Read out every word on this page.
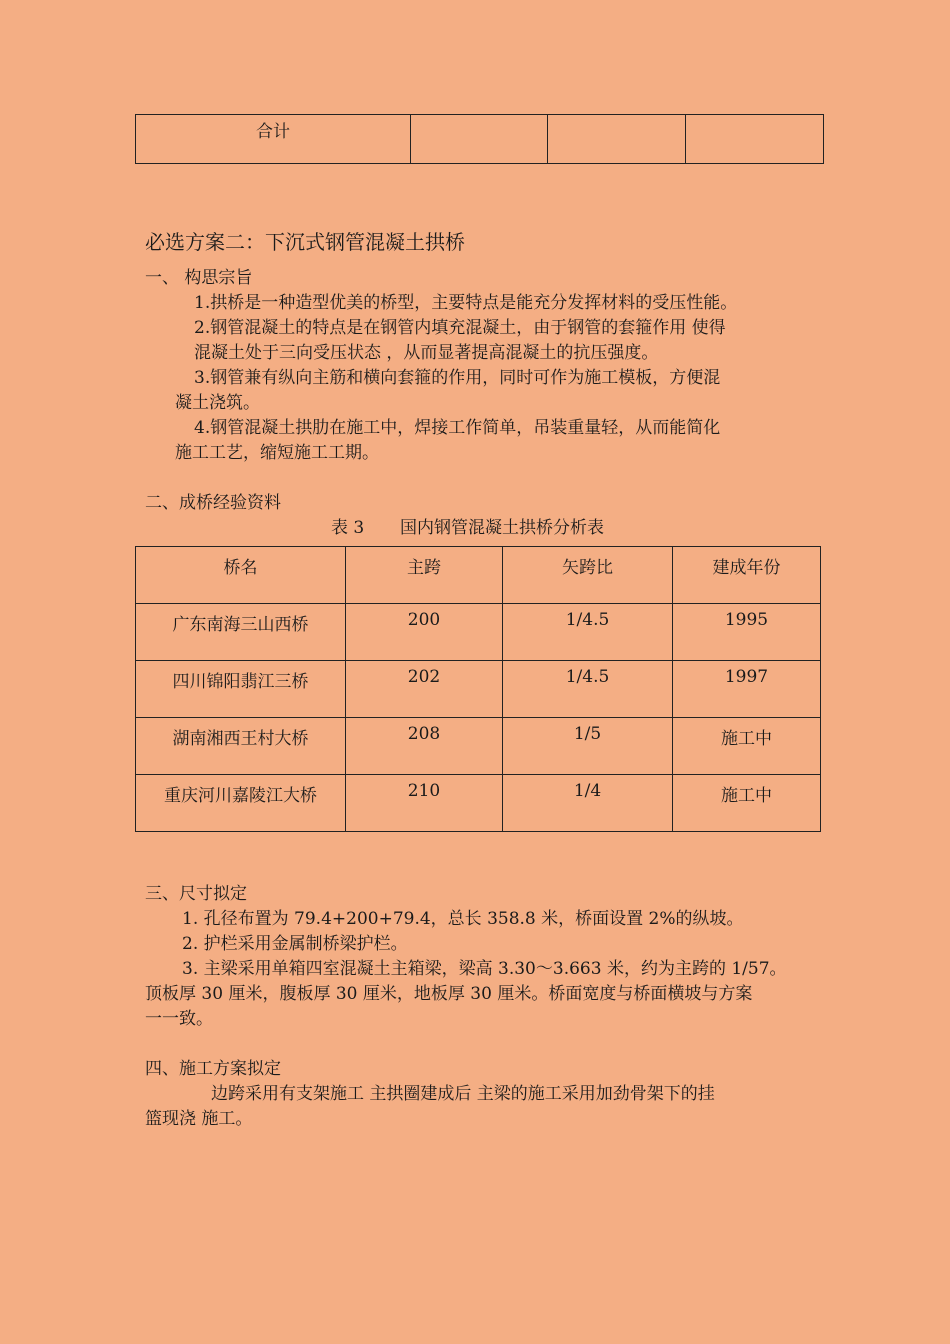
合计			
必选方案二：下沉式钢管混凝土拱桥
一、 构思宗旨
1.拱桥是一种造型优美的桥型，主要特点是能充分发挥材料的受压性能。
2.钢管混凝土的特点是在钢管内填充混凝土，由于钢管的套箍作用 使得
混凝土处于三向受压状态 ，从而显著提高混凝土的抗压强度。
3.钢管兼有纵向主筋和横向套箍的作用，同时可作为施工模板，方便混
凝土浇筑。
4.钢管混凝土拱肋在施工中，焊接工作简单，吊装重量轻，从而能简化
施工工艺，缩短施工工期。
二、成桥经验资料
表 3 国内钢管混凝土拱桥分析表
桥名	主跨	矢跨比	建成年份
广东南海三山西桥	200	1/4.5	1995
四川锦阳翡江三桥	202	1/4.5	1997
湖南湘西王村大桥	208	1/5	施工中
重庆河川嘉陵江大桥	210	1/4	施工中
三、尺寸拟定
1. 孔径布置为 79.4+200+79.4，总长 358.8 米，桥面设置 2%的纵坡。
2. 护栏采用金属制桥梁护栏。
3. 主梁采用单箱四室混凝土主箱梁，梁高 3.30～3.663 米，约为主跨的 1/57。
顶板厚 30 厘米，腹板厚 30 厘米，地板厚 30 厘米。桥面宽度与桥面横坡与方案
一一致。
四、施工方案拟定
边跨采用有支架施工 主拱圈建成后 主梁的施工采用加劲骨架下的挂
篮现浇 施工。
